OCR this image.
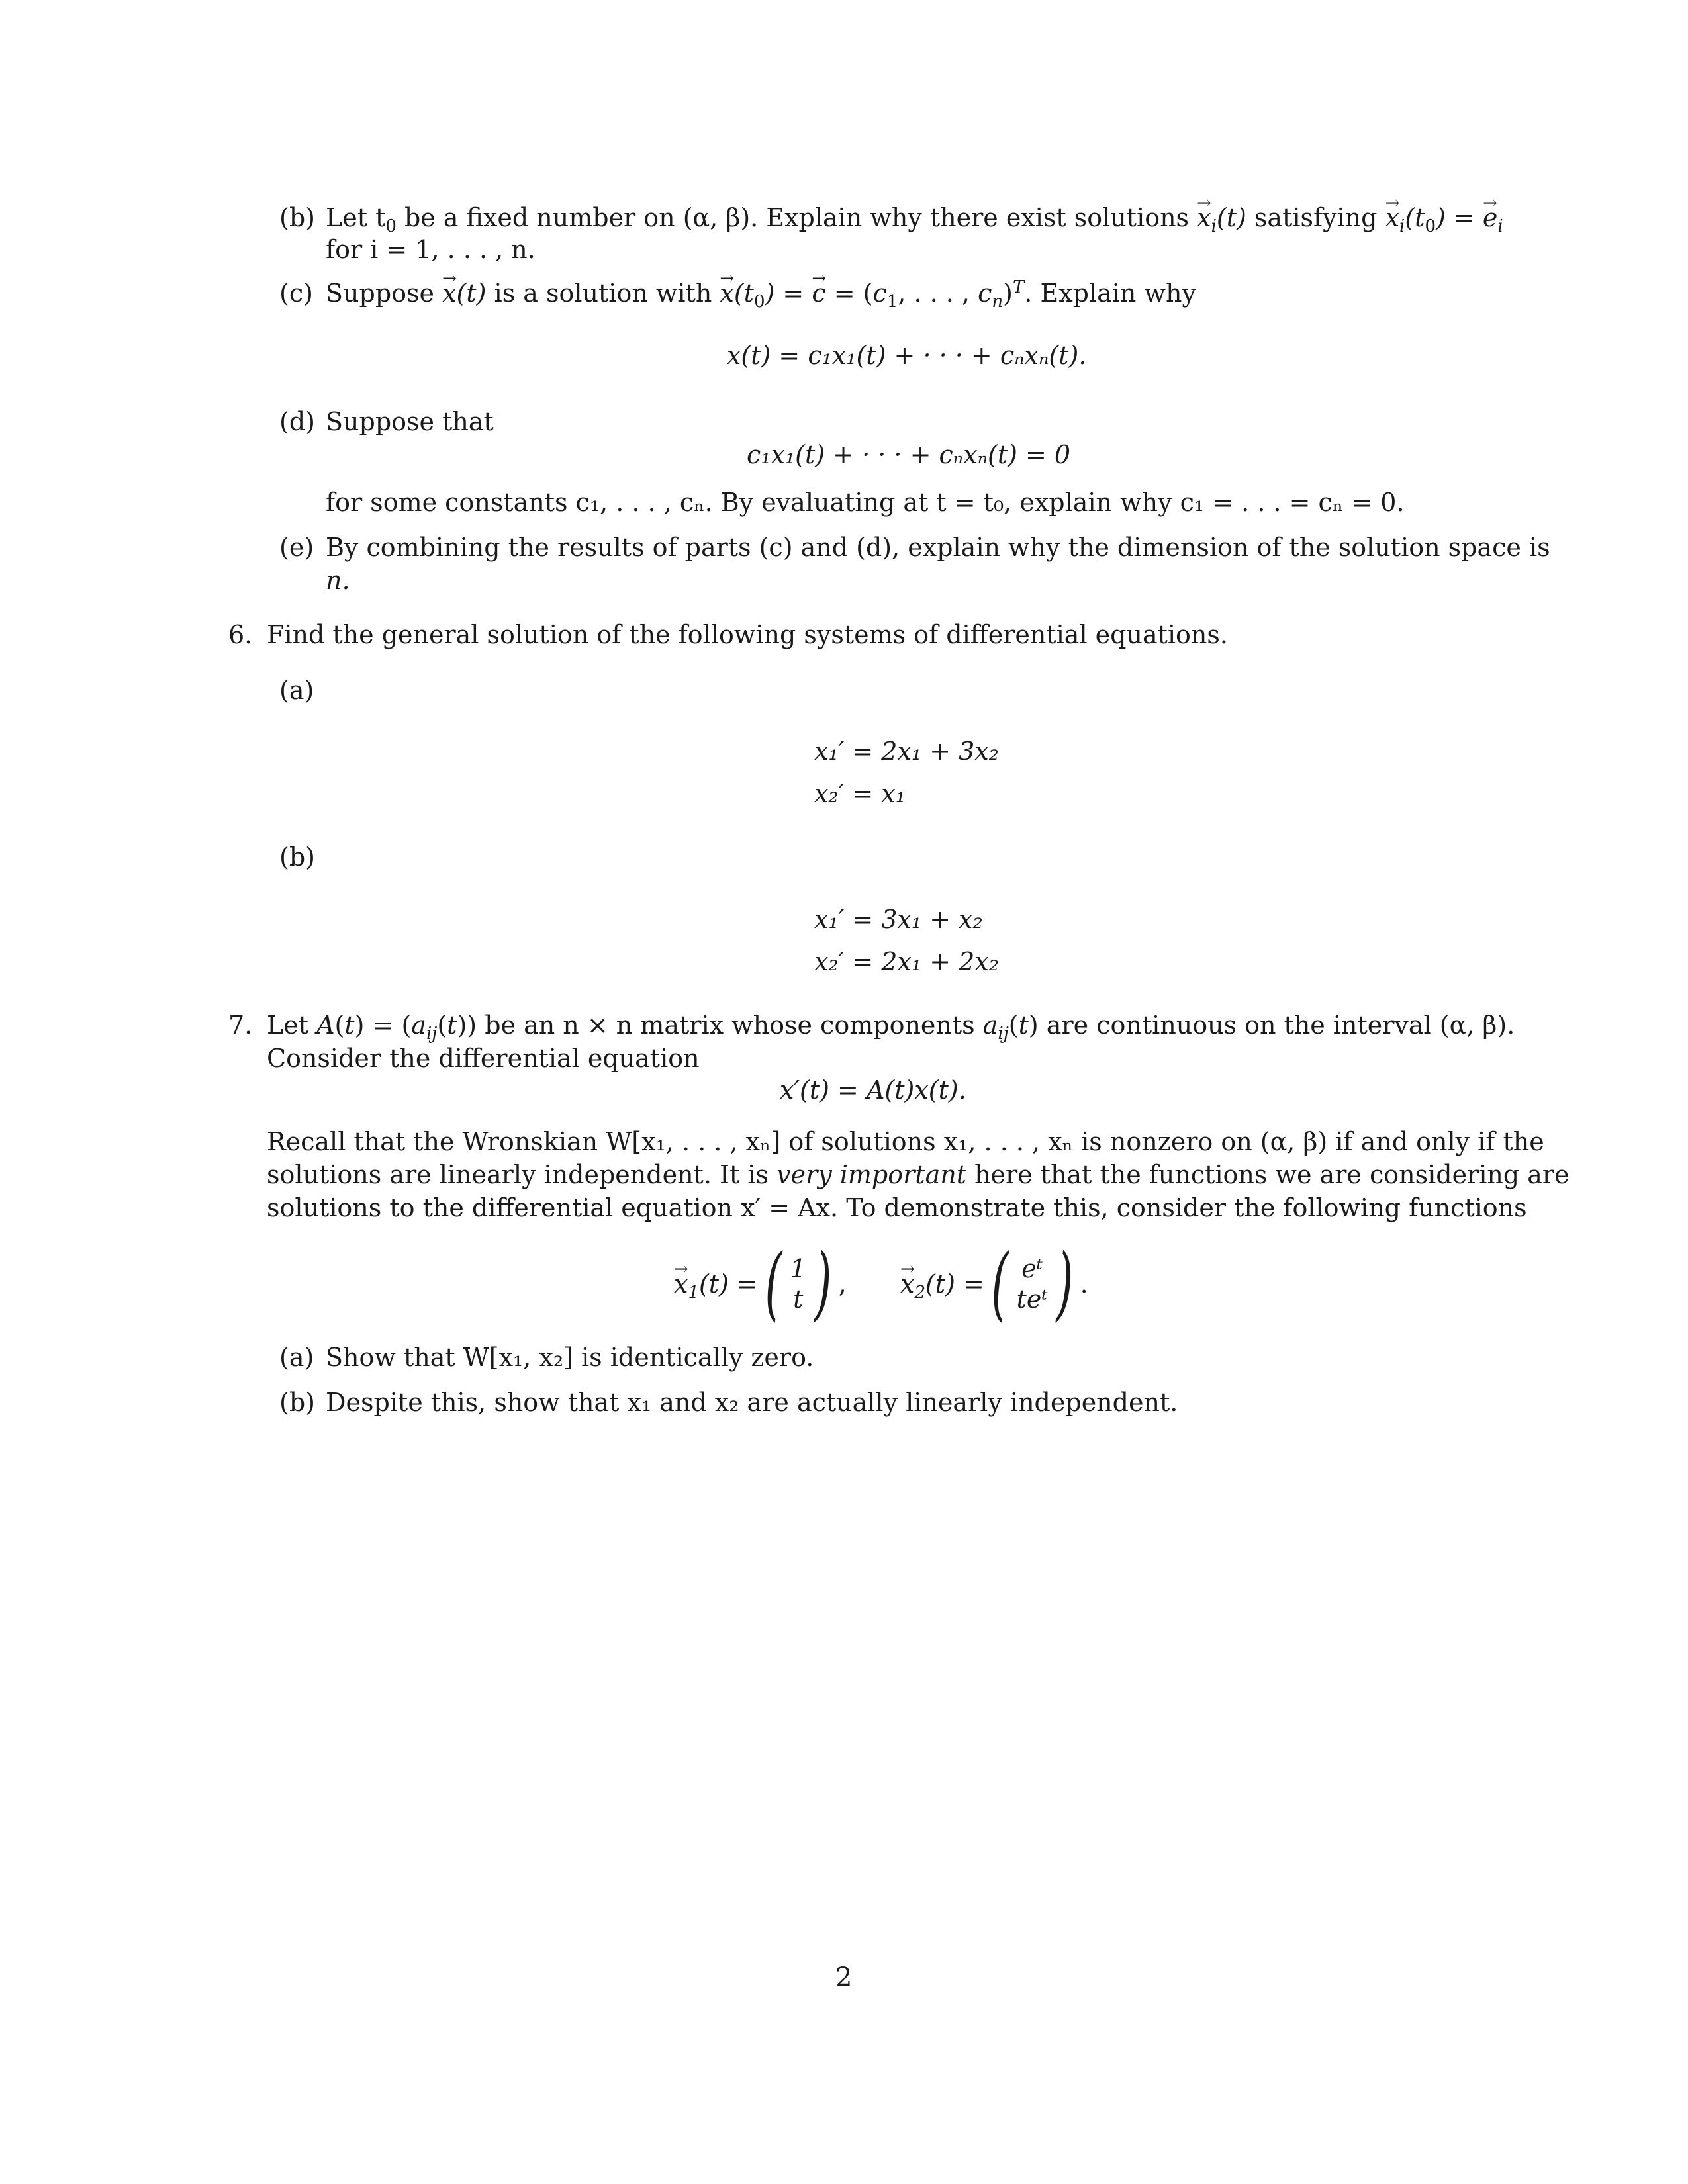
(b) Let $t_0$ be a fixed number on (α, β). Explain why there exist solutions → $x_i(t)$ satisfying → $x_i(t_0)$ = → $e_i$
for i = 1, . . . , n.
(c) Suppose → x(t) is a solution with → $x(t_0)$ = → $c = (c_1$, . . . , $c_n)^T$. Explain why
x(t) = c₁x₁(t) + · · · + cₙxₙ(t).
(d) Suppose that
c₁x₁(t) + · · · + cₙxₙ(t) = 0
for some constants c₁, . . . , cₙ. By evaluating at t = t₀, explain why c₁ = . . . = cₙ = 0.
(e) By combining the results of parts (c) and (d), explain why the dimension of the solution space is
n.
6. Find the general solution of the following systems of differential equations.
(a)
x₁′ = 2x₁ + 3x₂
x₂′ = x₁
(b)
x₁′ = 3x₁ + x₂
x₂′ = 2x₁ + 2x₂
7. Let $A(t) = (a_{ij}(t))$ be an n × n matrix whose components $a_{ij}(t)$ are continuous on the interval (α, β).
Consider the differential equation
x′(t) = A(t)x(t).
Recall that the Wronskian W[x₁, . . . , xₙ] of solutions x₁, . . . , xₙ is nonzero on (α, β) if and only if the
solutions are linearly independent. It is very important here that the functions we are considering are
solutions to the differential equation x′ = Ax. To demonstrate this, consider the following functions
→ $x_1(t)$ = ( 1
t ) , → $x_2(t)$ = ( eᵗ
teᵗ ) .
(a) Show that W[x₁, x₂] is identically zero.
(b) Despite this, show that x₁ and x₂ are actually linearly independent.
2
